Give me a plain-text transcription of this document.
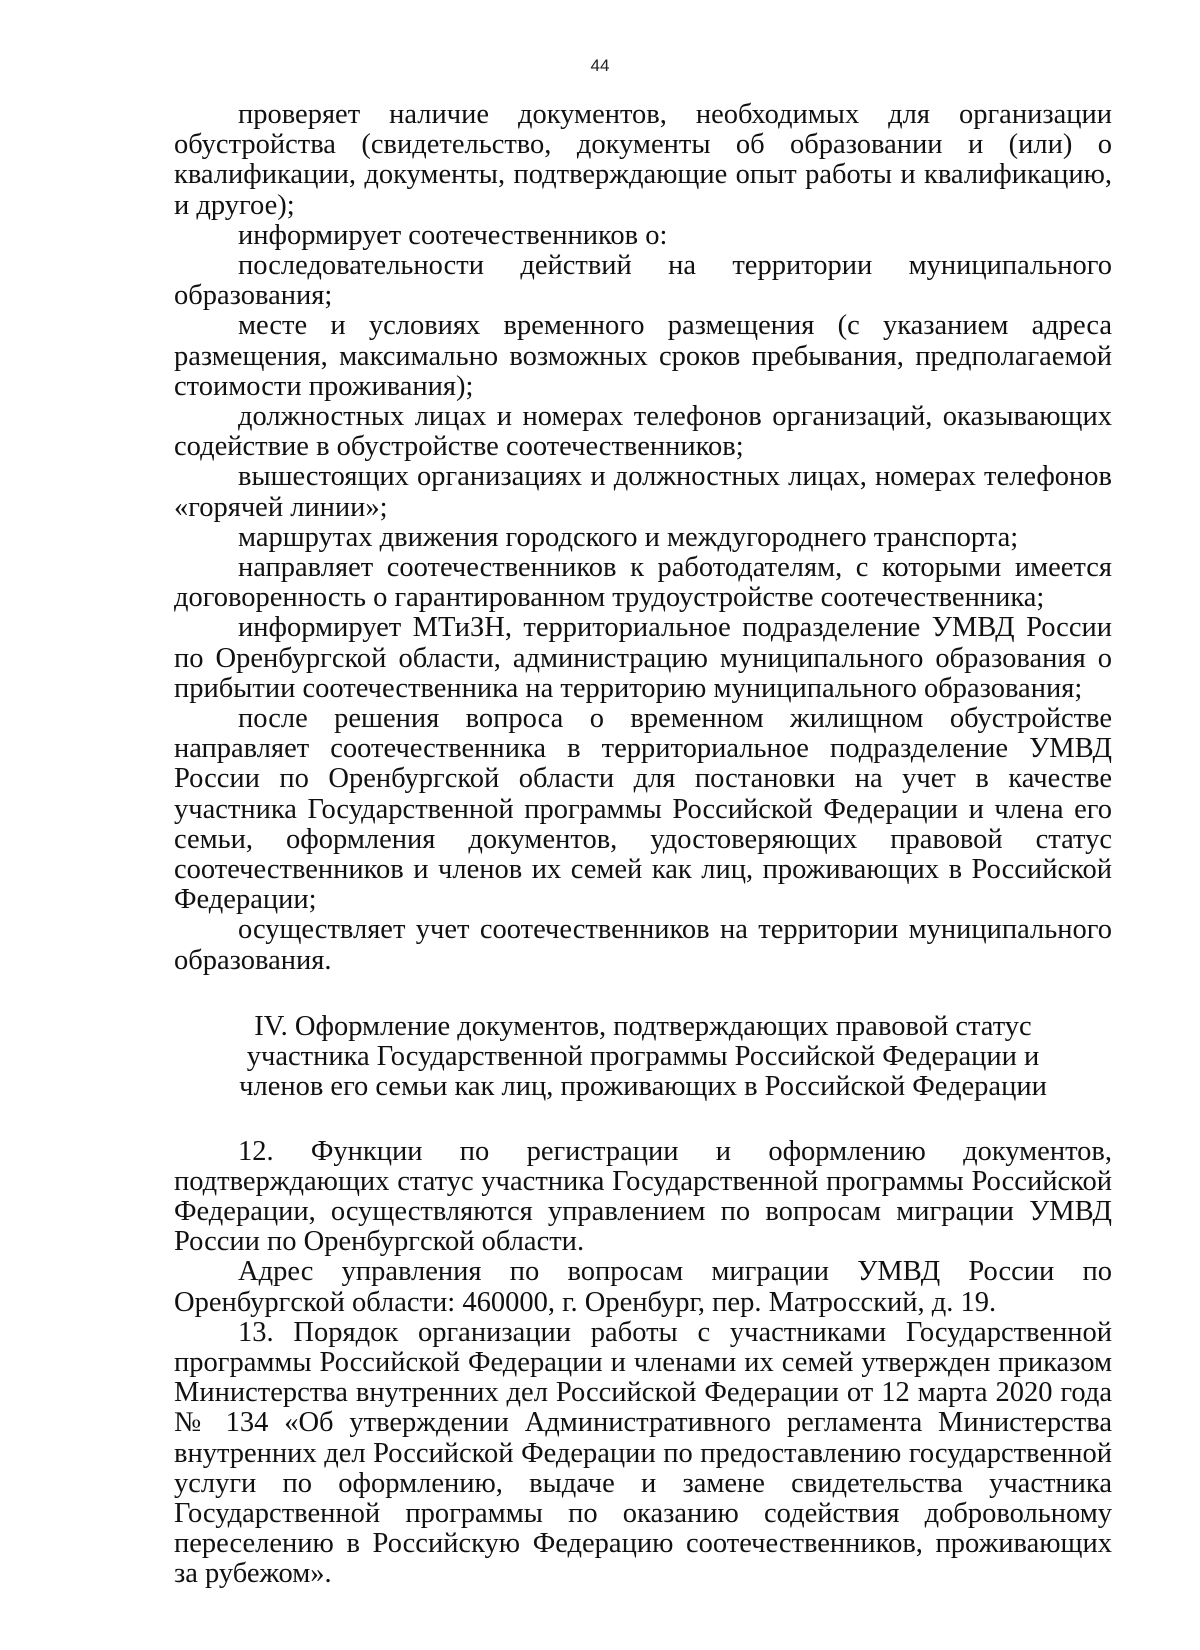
44

проверяет наличие документов, необходимых для организации обустройства (свидетельство, документы об образовании и (или) о квалификации, документы, подтверждающие опыт работы и квалификацию, и другое);

информирует соотечественников о:

последовательности действий на территории муниципального образования;

месте и условиях временного размещения (с указанием адреса размещения, максимально возможных сроков пребывания, предполагаемой стоимости проживания);

должностных лицах и номерах телефонов организаций, оказывающих содействие в обустройстве соотечественников;

вышестоящих организациях и должностных лицах, номерах телефонов «горячей линии»;

маршрутах движения городского и междугороднего транспорта;

направляет соотечественников к работодателям, с которыми имеется договоренность о гарантированном трудоустройстве соотечественника;

информирует МТиЗН, территориальное подразделение УМВД России по Оренбургской области, администрацию муниципального образования о прибытии соотечественника на территорию муниципального образования;

после решения вопроса о временном жилищном обустройстве направляет соотечественника в территориальное подразделение УМВД России по Оренбургской области для постановки на учет в качестве участника Государственной программы Российской Федерации и члена его семьи, оформления документов, удостоверяющих правовой статус соотечественников и членов их семей как лиц, проживающих в Российской Федерации;

осуществляет учет соотечественников на территории муниципального образования.

IV. Оформление документов, подтверждающих правовой статус
участника Государственной программы Российской Федерации и
членов его семьи как лиц, проживающих в Российской Федерации

12. Функции по регистрации и оформлению документов, подтверждающих статус участника Государственной программы Российской Федерации, осуществляются управлением по вопросам миграции УМВД России по Оренбургской области.

Адрес управления по вопросам миграции УМВД России по Оренбургской области: 460000, г. Оренбург, пер. Матросский, д. 19.

13. Порядок организации работы с участниками Государственной программы Российской Федерации и членами их семей утвержден приказом Министерства внутренних дел Российской Федерации от 12 марта 2020 года № 134 «Об утверждении Административного регламента Министерства внутренних дел Российской Федерации по предоставлению государственной услуги по оформлению, выдаче и замене свидетельства участника Государственной программы по оказанию содействия добровольному переселению в Российскую Федерацию соотечественников, проживающих за рубежом».
